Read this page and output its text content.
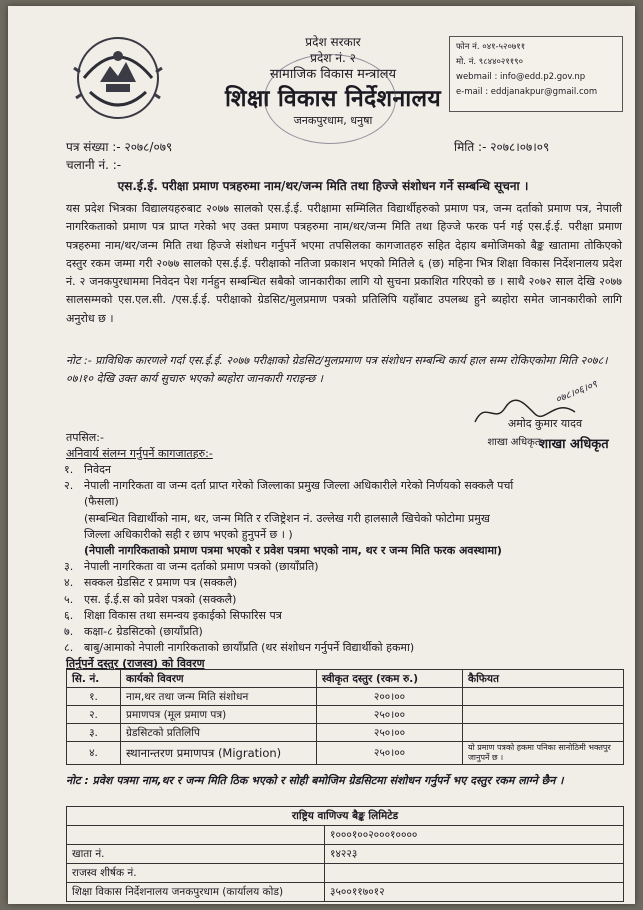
प्रदेश सरकार
प्रदेश नं. २
सामाजिक विकास मन्त्रालय
शिक्षा विकास निर्देशनालय
जनकपुरधाम, धनुषा
फोन नं. ०४१-५२०७११
मो. नं. ९८४४०२११९०
webmail : info@edd.p2.gov.np
e-mail : eddjanakpur@gmail.com
पत्र संख्या :- २०७८/०७९
चलानी नं. :-
मिति :- २०७८।०७।०९
एस.ई.ई. परीक्षा प्रमाण पत्रहरुमा नाम/थर/जन्म मिति तथा हिज्जे संशोधन गर्ने सम्बन्धि सूचना ।
यस प्रदेश भित्रका विद्यालयहरुबाट २०७७ सालको एस.ई.ई. परीक्षामा सम्मिलित विद्यार्थीहरुको प्रमाण पत्र, जन्म दर्ताको प्रमाण पत्र, नेपाली नागरिकताको प्रमाण पत्र प्राप्त गरेको भए उक्त प्रमाण पत्रहरुमा नाम/थर/जन्म मिति तथा हिज्जे फरक पर्न गई एस.ई.ई. परीक्षा प्रमाण पत्रहरुमा नाम/थर/जन्म मिति तथा हिज्जे संशोधन गर्नुपर्ने भएमा तपसिलका कागजातहरु सहित देहाय बमोजिमको बैङ्क खातामा तोकिएको दस्तुर रकम जम्मा गरी २०७७ सालको एस.ई.ई. परीक्षाको नतिजा प्रकाशन भएको मितिले ६ (छ) महिना भित्र शिक्षा विकास निर्देशनालय प्रदेश नं. २ जनकपुरधाममा निवेदन पेश गर्नहुन सम्बन्धित सबैको जानकारीका लागि यो सुचना प्रकाशित गरिएको छ । साथै २०७२ साल देखि २०७७ सालसम्मको एस.एल.सी. /एस.ई.ई. परीक्षाको ग्रेडसिट/मुलप्रमाण पत्रको प्रतिलिपि यहाँबाट उपलब्ध हुने ब्यहोरा समेत जानकारीको लागि अनुरोध छ ।
नोट :- प्राविधिक कारणले गर्दा एस.ई.ई. २०७७ परीक्षाको ग्रेडसिट/मुलप्रमाण पत्र संशोधन सम्बन्धि कार्य हाल सम्म रोकिएकोमा मिति २०७८।०७।१० देखि उक्त कार्य सुचारु भएको ब्यहोरा जानकारी गराइन्छ ।
०७८।०६।०९
अमोद कुमार यादव
शाखा अधिकृत
शाखा अधिकृत
तपसिल:-
अनिवार्य संलग्न गर्नुपर्ने कागजातहरु:-
१. निवेदन
२. नेपाली नागरिकता वा जन्म दर्ता प्राप्त गरेको जिल्लाका प्रमुख जिल्ला अधिकारीले गरेको निर्णयको सक्कलै पर्चा
(फैसला)
(सम्बन्धित विद्यार्थीको नाम, थर, जन्म मिति र रजिष्ट्रेशन नं. उल्लेख गरी हालसालै खिचेको फोटोमा प्रमुख
जिल्ला अधिकारीको सही र छाप भएको हुनुपर्ने छ । )
(नेपाली नागरिकताको प्रमाण पत्रमा भएको र प्रवेश पत्रमा भएको नाम, थर र जन्म मिति फरक अवस्थामा)
३. नेपाली नागरिकता वा जन्म दर्ताको प्रमाण पत्रको (छायाँप्रति)
४. सक्कल ग्रेडसिट र प्रमाण पत्र (सक्कलै)
५. एस. ई.ई.स को प्रवेश पत्रको (सक्कलै)
६. शिक्षा विकास तथा समन्वय इकाईको सिफारिस पत्र
७. कक्षा-८ ग्रेडसिटको (छायाँप्रति)
८. बाबु/आमाको नेपाली नागरिकताको छायाँप्रति (थर संशोधन गर्नुपर्ने विद्यार्थीको हकमा)
तिर्नुपर्ने दस्तुर (राजस्व) को विवरण
सि. नं.	कार्यको विवरण	स्वीकृत दस्तुर (रकम रु.)	कैफियत
१.	नाम,थर तथा जन्म मिति संशोधन	२००।००	
२.	प्रमाणपत्र (मूल प्रमाण पत्र)	२५०।००	
३.	ग्रेडसिटको प्रतिलिपि	२५०।००	
४.	स्थानान्तरण प्रमाणपत्र (Migration)	२५०।००	यो प्रमाण पत्रको हकमा पनिका सानोठिमी भक्तपुर जानुपर्ने छ ।
नोट : प्रवेश पत्रमा नाम,थर र जन्म मिति ठिक भएको र सोही बमोजिम ग्रेडसिटमा संशोधन गर्नुपर्ने भए दस्तुर रकम लाग्ने छैन ।
राष्ट्रिय वाणिज्य बैङ्क लिमिटेड	
	१०००१००२०००१००००
खाता नं.	१४२२३
राजस्व शीर्षक नं.	
शिक्षा विकास निर्देशनालय जनकपुरधाम (कार्यालय कोड)	३५००११७०१२
